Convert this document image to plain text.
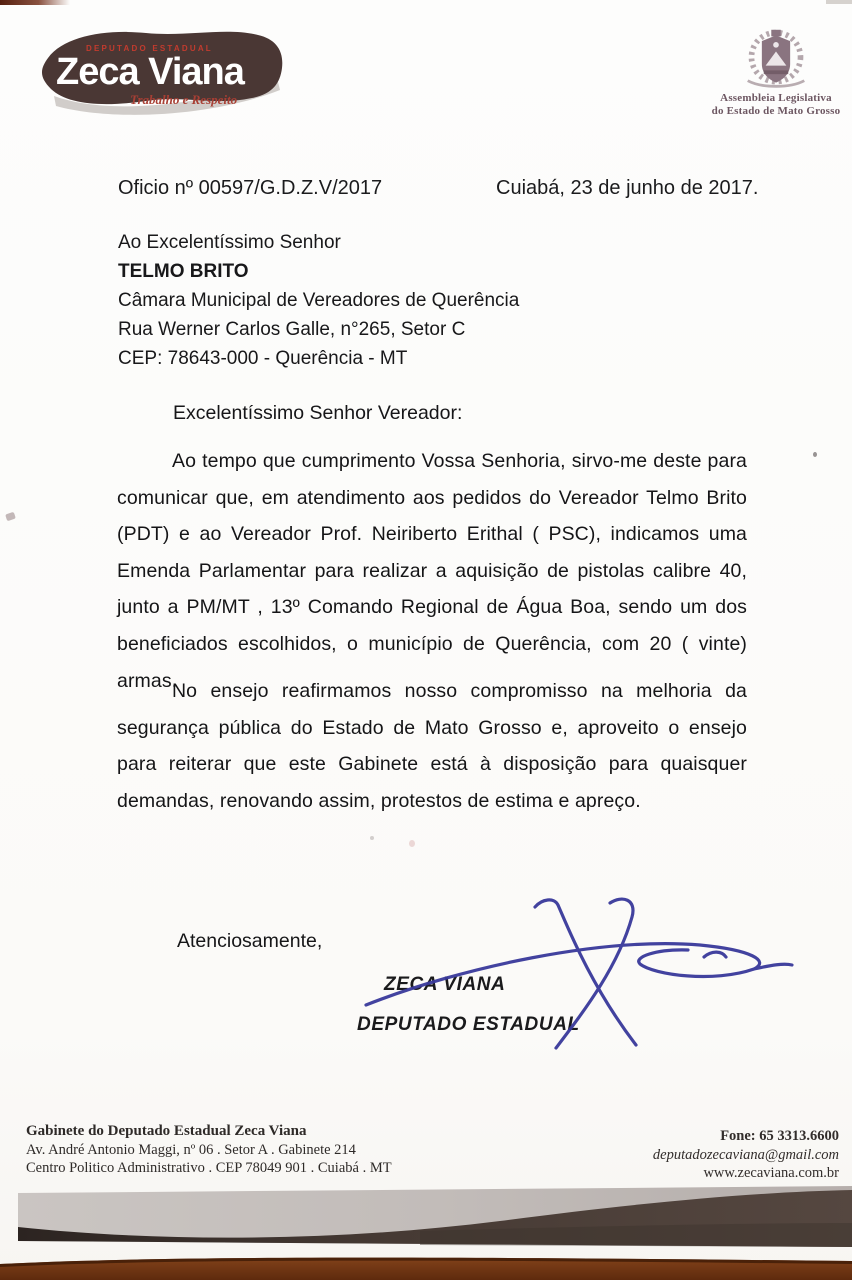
DEPUTADO ESTADUAL
Zeca Viana
Trabalho e Respeito	Assembleia Legislativa
do Estado de Mato Grosso
Oficio nº 00597/G.D.Z.V/2017	Cuiabá, 23 de junho de 2017.
Ao Excelentíssimo Senhor
TELMO BRITO
Câmara Municipal de Vereadores de Querência
Rua Werner Carlos Galle, n°265, Setor C
CEP: 78643-000 - Querência - MT
Excelentíssimo Senhor Vereador:
Ao tempo que cumprimento Vossa Senhoria, sirvo-me deste para comunicar que, em atendimento aos pedidos do Vereador Telmo Brito (PDT) e ao Vereador Prof. Neiriberto Erithal ( PSC), indicamos uma Emenda Parlamentar para realizar a aquisição de pistolas calibre 40, junto a PM/MT , 13º Comando Regional de Água Boa, sendo um dos beneficiados escolhidos, o município de Querência, com 20 ( vinte) armas.
No ensejo reafirmamos nosso compromisso na melhoria da segurança pública do Estado de Mato Grosso e, aproveito o ensejo para reiterar que este Gabinete está à disposição para quaisquer demandas, renovando assim, protestos de estima e apreço.
Atenciosamente,
ZECA VIANA
DEPUTADO ESTADUAL
Gabinete do Deputado Estadual Zeca Viana
Av. André Antonio Maggi, nº 06 . Setor A . Gabinete 214
Centro Politico Administrativo . CEP 78049 901 . Cuiabá . MT
Fone: 65 3313.6600
deputadozecaviana@gmail.com
www.zecaviana.com.br
